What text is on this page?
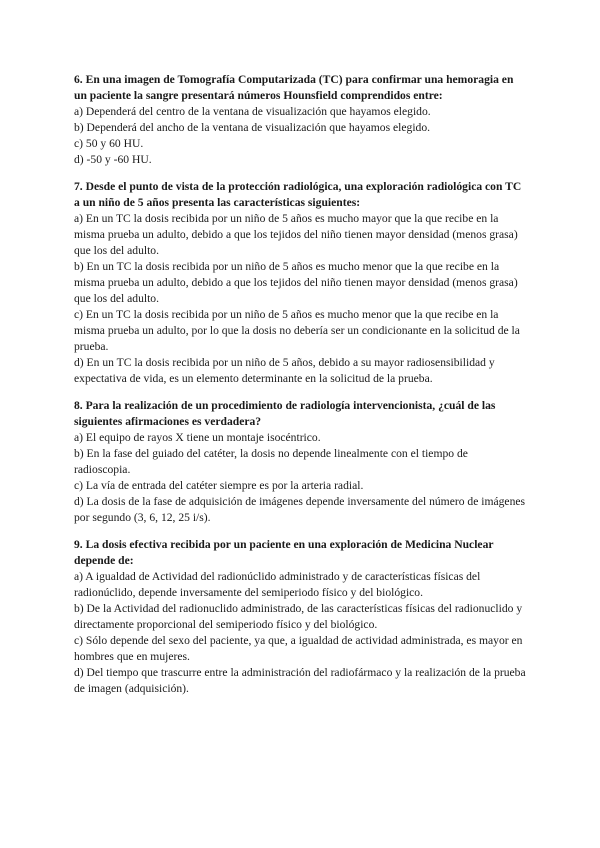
6. En una imagen de Tomografía Computarizada (TC) para confirmar una hemoragia en un paciente la sangre presentará números Hounsfield comprendidos entre:

a) Dependerá del centro de la ventana de visualización que hayamos elegido.

b) Dependerá del ancho de la ventana de visualización que hayamos elegido.

c) 50 y 60 HU.

d) -50 y -60 HU.

7. Desde el punto de vista de la protección radiológica, una exploración radiológica con TC a un niño de 5 años presenta las características siguientes:

a) En un TC la dosis recibida por un niño de 5 años es mucho mayor que la que recibe en la misma prueba un adulto, debido a que los tejidos del niño tienen mayor densidad (menos grasa) que los del adulto.

b) En un TC la dosis recibida por un niño de 5 años es mucho menor que la que recibe en la misma prueba un adulto, debido a que los tejidos del niño tienen mayor densidad (menos grasa) que los del adulto.

c) En un TC la dosis recibida por un niño de 5 años es mucho menor que la que recibe en la misma prueba un adulto, por lo que la dosis no debería ser un condicionante en la solicitud de la prueba.

d) En un TC la dosis recibida por un niño de 5 años, debido a su mayor radiosensibilidad y expectativa de vida, es un elemento determinante en la solicitud de la prueba.

8. Para la realización de un procedimiento de radiología intervencionista, ¿cuál de las siguientes afirmaciones es verdadera?

a) El equipo de rayos X tiene un montaje isocéntrico.

b) En la fase del guiado del catéter, la dosis no depende linealmente con el tiempo de radioscopia.

c) La vía de entrada del catéter siempre es por la arteria radial.

d) La dosis de la fase de adquisición de imágenes depende inversamente del número de imágenes por segundo (3, 6, 12, 25 i/s).

9. La dosis efectiva recibida por un paciente en una exploración de Medicina Nuclear depende de:

a) A igualdad de Actividad del radionúclido administrado y de características físicas del radionúclido, depende inversamente del semiperiodo físico y del biológico.

b) De la Actividad del radionuclido administrado, de las características físicas del radionuclido y directamente proporcional del semiperiodo físico y del biológico.

c) Sólo depende del sexo del paciente, ya que, a igualdad de actividad administrada, es mayor en hombres que en mujeres.

d) Del tiempo que trascurre entre la administración del radiofármaco y la realización de la prueba de imagen (adquisición).
